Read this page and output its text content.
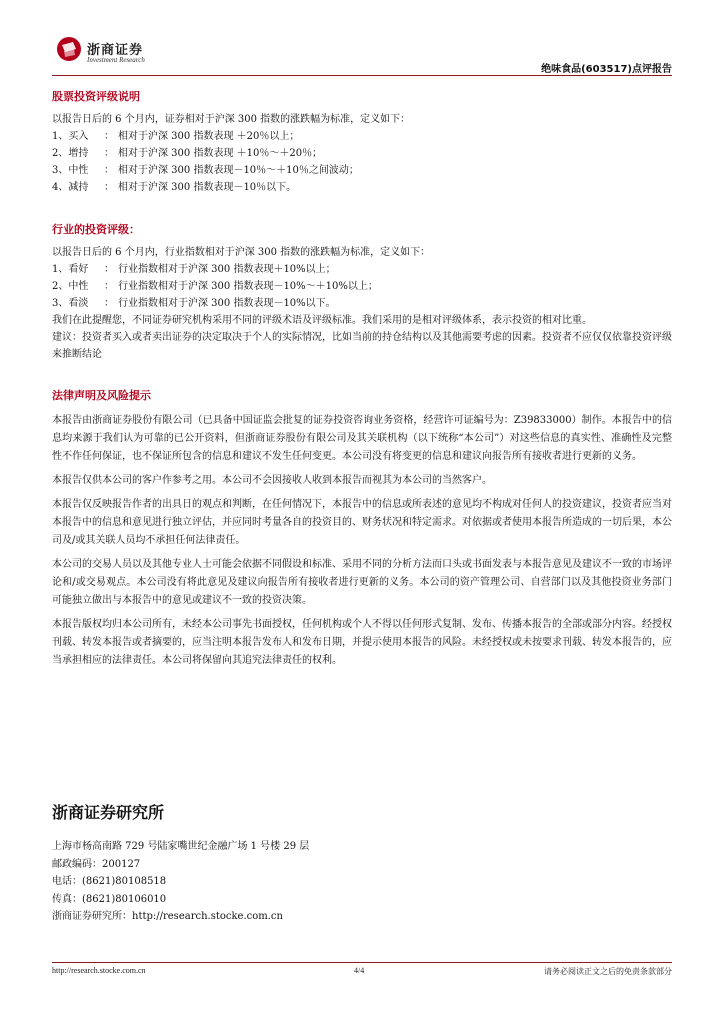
浙商证券
Investment Research
绝味食品(603517)点评报告

股票投资评级说明

以报告日后的 6 个月内，证券相对于沪深 300 指数的涨跌幅为标准，定义如下：

1、买入	： 相对于沪深 300 指数表现 ＋20％以上；
2、增持	： 相对于沪深 300 指数表现 ＋10％～＋20％；
3、中性	： 相对于沪深 300 指数表现－10％～＋10％之间波动；
4、减持	： 相对于沪深 300 指数表现－10％以下。

行业的投资评级：

以报告日后的 6 个月内，行业指数相对于沪深 300 指数的涨跌幅为标准，定义如下：

1、看好	： 行业指数相对于沪深 300 指数表现＋10%以上；
2、中性	： 行业指数相对于沪深 300 指数表现－10%～＋10%以上；
3、看淡	： 行业指数相对于沪深 300 指数表现－10%以下。

我们在此提醒您，不同证券研究机构采用不同的评级术语及评级标准。我们采用的是相对评级体系，表示投资的相对比重。

建议：投资者买入或者卖出证券的决定取决于个人的实际情况，比如当前的持仓结构以及其他需要考虑的因素。投资者不应仅仅依靠投资评级来推断结论

法律声明及风险提示

本报告由浙商证券股份有限公司（已具备中国证监会批复的证券投资咨询业务资格，经营许可证编号为：Z39833000）制作。本报告中的信息均来源于我们认为可靠的已公开资料，但浙商证券股份有限公司及其关联机构（以下统称“本公司”）对这些信息的真实性、准确性及完整性不作任何保证，也不保证所包含的信息和建议不发生任何变更。本公司没有将变更的信息和建议向报告所有接收者进行更新的义务。

本报告仅供本公司的客户作参考之用。本公司不会因接收人收到本报告而视其为本公司的当然客户。

本报告仅反映报告作者的出具日的观点和判断，在任何情况下，本报告中的信息或所表述的意见均不构成对任何人的投资建议，投资者应当对本报告中的信息和意见进行独立评估，并应同时考量各自的投资目的、财务状况和特定需求。对依据或者使用本报告所造成的一切后果，本公司及/或其关联人员均不承担任何法律责任。

本公司的交易人员以及其他专业人士可能会依据不同假设和标准、采用不同的分析方法而口头或书面发表与本报告意见及建议不一致的市场评论和/或交易观点。本公司没有将此意见及建议向报告所有接收者进行更新的义务。本公司的资产管理公司、自营部门以及其他投资业务部门可能独立做出与本报告中的意见或建议不一致的投资决策。

本报告版权均归本公司所有，未经本公司事先书面授权，任何机构或个人不得以任何形式复制、发布、传播本报告的全部或部分内容。经授权刊载、转发本报告或者摘要的，应当注明本报告发布人和发布日期，并提示使用本报告的风险。未经授权或未按要求刊载、转发本报告的，应当承担相应的法律责任。本公司将保留向其追究法律责任的权利。

浙商证券研究所

上海市杨高南路 729 号陆家嘴世纪金融广场 1 号楼 29 层

邮政编码：200127

电话：(8621)80108518

传真：(8621)80106010

浙商证券研究所：http://research.stocke.com.cn

http://research.stocke.com.cn	4/4	请务必阅读正文之后的免责条款部分
